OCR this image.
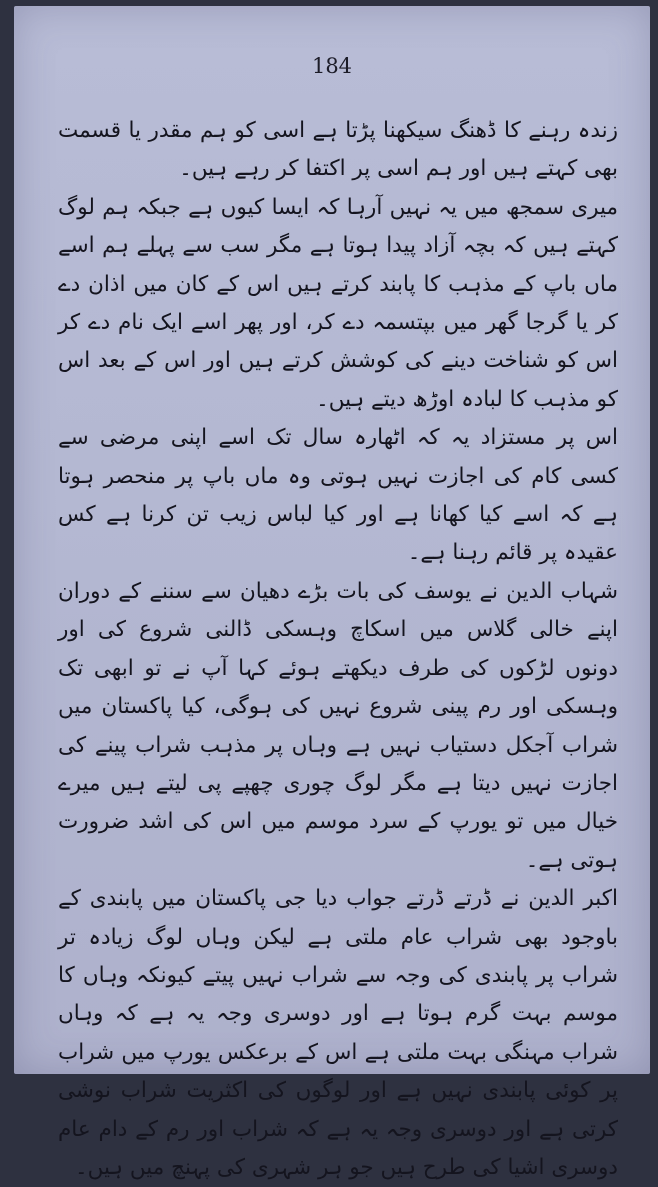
184

زندہ رہنے کا ڈھنگ سیکھنا پڑتا ہے اسی کو ہم مقدر یا قسمت بھی کہتے ہیں اور ہم اسی پر اکتفا کر رہے ہیں۔

میری سمجھ میں یہ نہیں آرہا کہ ایسا کیوں ہے جبکہ ہم لوگ کہتے ہیں کہ بچہ آزاد پیدا ہوتا ہے مگر سب سے پہلے ہم اسے ماں باپ کے مذہب کا پابند کرتے ہیں اس کے کان میں اذان دے کر یا گرجا گھر میں بپتسمہ دے کر، اور پھر اسے ایک نام دے کر اس کو شناخت دینے کی کوشش کرتے ہیں اور اس کے بعد اس کو مذہب کا لبادہ اوڑھ دیتے ہیں۔

اس پر مستزاد یہ کہ اٹھارہ سال تک اسے اپنی مرضی سے کسی کام کی اجازت نہیں ہوتی وہ ماں باپ پر منحصر ہوتا ہے کہ اسے کیا کھانا ہے اور کیا لباس زیب تن کرنا ہے کس عقیدہ پر قائم رہنا ہے۔

شہاب الدین نے یوسف کی بات بڑے دھیان سے سننے کے دوران اپنے خالی گلاس میں اسکاچ وہسکی ڈالنی شروع کی اور دونوں لڑکوں کی طرف دیکھتے ہوئے کہا آپ نے تو ابھی تک وہسکی اور رم پینی شروع نہیں کی ہوگی، کیا پاکستان میں شراب آجکل دستیاب نہیں ہے وہاں پر مذہب شراب پینے کی اجازت نہیں دیتا ہے مگر لوگ چوری چھپے پی لیتے ہیں میرے خیال میں تو یورپ کے سرد موسم میں اس کی اشد ضرورت ہوتی ہے۔

اکبر الدین نے ڈرتے ڈرتے جواب دیا جی پاکستان میں پابندی کے باوجود بھی شراب عام ملتی ہے لیکن وہاں لوگ زیادہ تر شراب پر پابندی کی وجہ سے شراب نہیں پیتے کیونکہ وہاں کا موسم بہت گرم ہوتا ہے اور دوسری وجہ یہ ہے کہ وہاں شراب مہنگی بہت ملتی ہے اس کے برعکس یورپ میں شراب پر کوئی پابندی نہیں ہے اور لوگوں کی اکثریت شراب نوشی کرتی ہے اور دوسری وجہ یہ ہے کہ شراب اور رم کے دام عام دوسری اشیا کی طرح ہیں جو ہر شہری کی پہنچ میں ہیں۔
